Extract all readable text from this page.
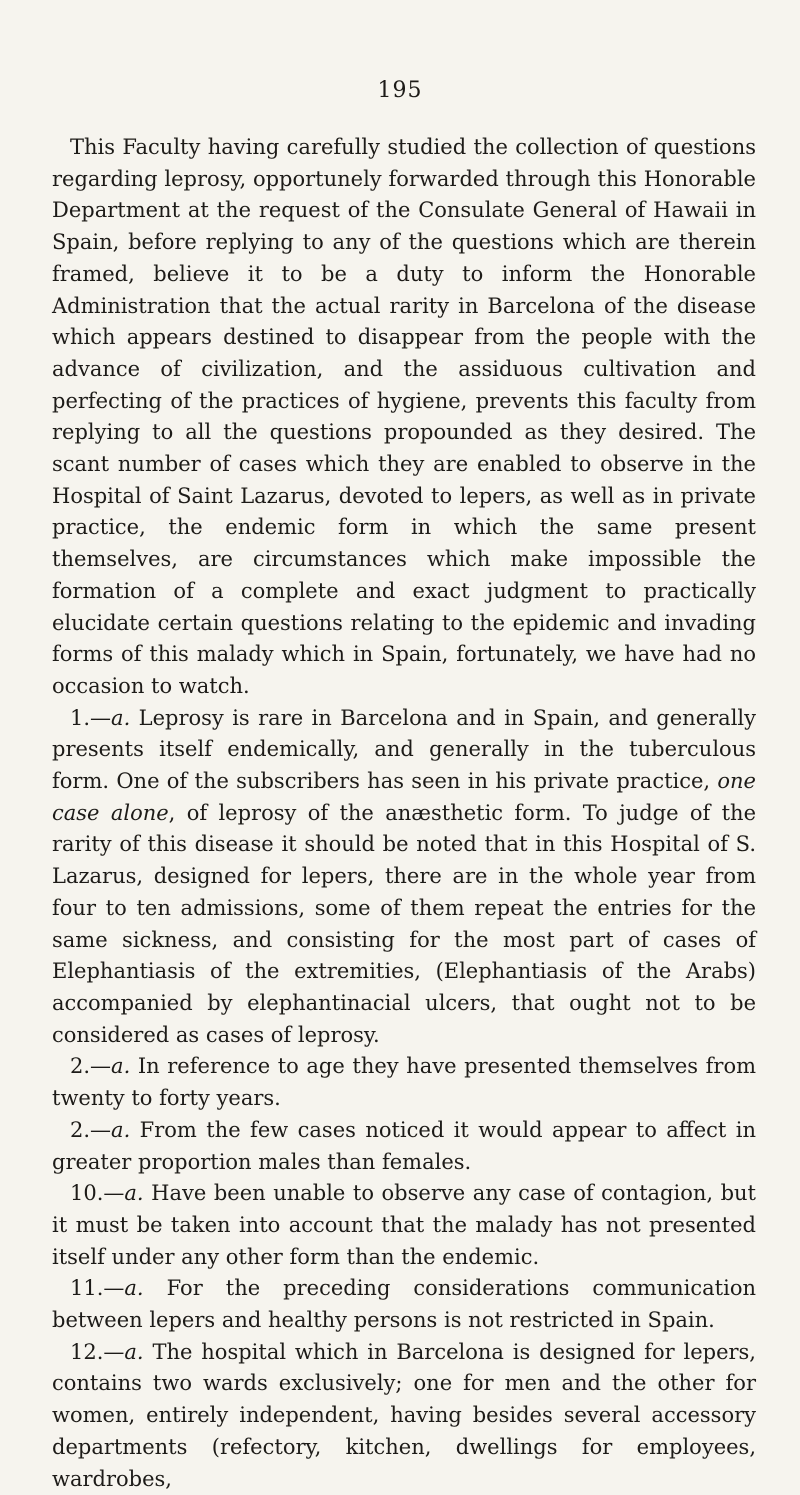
195

This Faculty having carefully studied the collection of questions regarding leprosy, opportunely forwarded through this Honorable Department at the request of the Consulate General of Hawaii in Spain, before replying to any of the questions which are therein framed, believe it to be a duty to inform the Honorable Administration that the actual rarity in Barcelona of the disease which appears destined to disappear from the people with the advance of civilization, and the assiduous cultivation and perfecting of the practices of hygiene, prevents this faculty from replying to all the questions propounded as they desired. The scant number of cases which they are enabled to observe in the Hospital of Saint Lazarus, devoted to lepers, as well as in private practice, the endemic form in which the same present themselves, are circumstances which make impossible the formation of a complete and exact judgment to practically elucidate certain questions relating to the epidemic and invading forms of this malady which in Spain, fortunately, we have had no occasion to watch.

1.—a. Leprosy is rare in Barcelona and in Spain, and generally presents itself endemically, and generally in the tuberculous form. One of the subscribers has seen in his private practice, one case alone, of leprosy of the anæsthetic form. To judge of the rarity of this disease it should be noted that in this Hospital of S. Lazarus, designed for lepers, there are in the whole year from four to ten admissions, some of them repeat the entries for the same sickness, and consisting for the most part of cases of Elephantiasis of the extremities, (Elephantiasis of the Arabs) accompanied by elephantinacial ulcers, that ought not to be considered as cases of leprosy.

2.—a. In reference to age they have presented themselves from twenty to forty years.

2.—a. From the few cases noticed it would appear to affect in greater proportion males than females.

10.—a. Have been unable to observe any case of contagion, but it must be taken into account that the malady has not presented itself under any other form than the endemic.

11.—a. For the preceding considerations communication between lepers and healthy persons is not restricted in Spain.

12.—a. The hospital which in Barcelona is designed for lepers, contains two wards exclusively; one for men and the other for women, entirely independent, having besides several accessory departments (refectory, kitchen, dwellings for employees, wardrobes,
